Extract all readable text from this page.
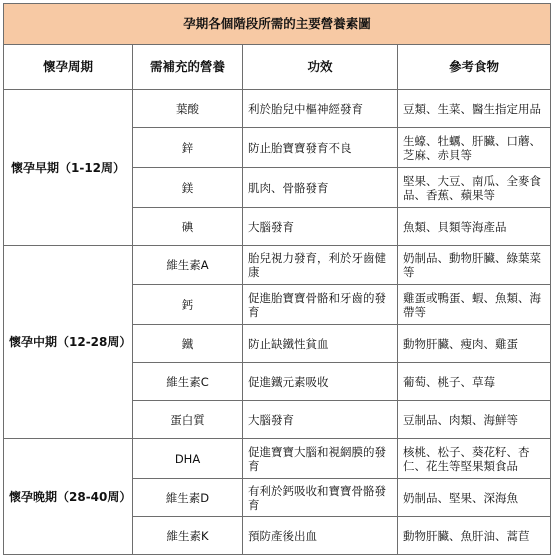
孕期各個階段所需的主要營養素圖			
懷孕周期	需補充的營養	功效	參考食物
懷孕早期（1-12周）	葉酸	利於胎兒中樞神經發育	豆類、生菜、醫生指定用品
	鋅	防止胎寶寶發育不良	生蠔、牡蠣、肝臟、口蘑、芝麻、赤貝等
	鎂	肌肉、骨骼發育	堅果、大豆、南瓜、全麥食品、香蕉、蘋果等
	碘	大腦發育	魚類、貝類等海產品
懷孕中期（12-28周）	維生素A	胎兒視力發育，利於牙齒健康	奶制品、動物肝臟、綠葉菜等
	鈣	促進胎寶寶骨骼和牙齒的發育	雞蛋或鴨蛋、蝦、魚類、海帶等
	鐵	防止缺鐵性貧血	動物肝臟、瘦肉、雞蛋
	維生素C	促進鐵元素吸收	葡萄、桃子、草莓
	蛋白質	大腦發育	豆制品、肉類、海鮮等
懷孕晚期（28-40周）	DHA	促進寶寶大腦和視網膜的發育	核桃、松子、葵花籽、杏仁、花生等堅果類食品
	維生素D	有利於鈣吸收和寶寶骨骼發育	奶制品、堅果、深海魚
	維生素K	預防產後出血	動物肝臟、魚肝油、蒿苣
